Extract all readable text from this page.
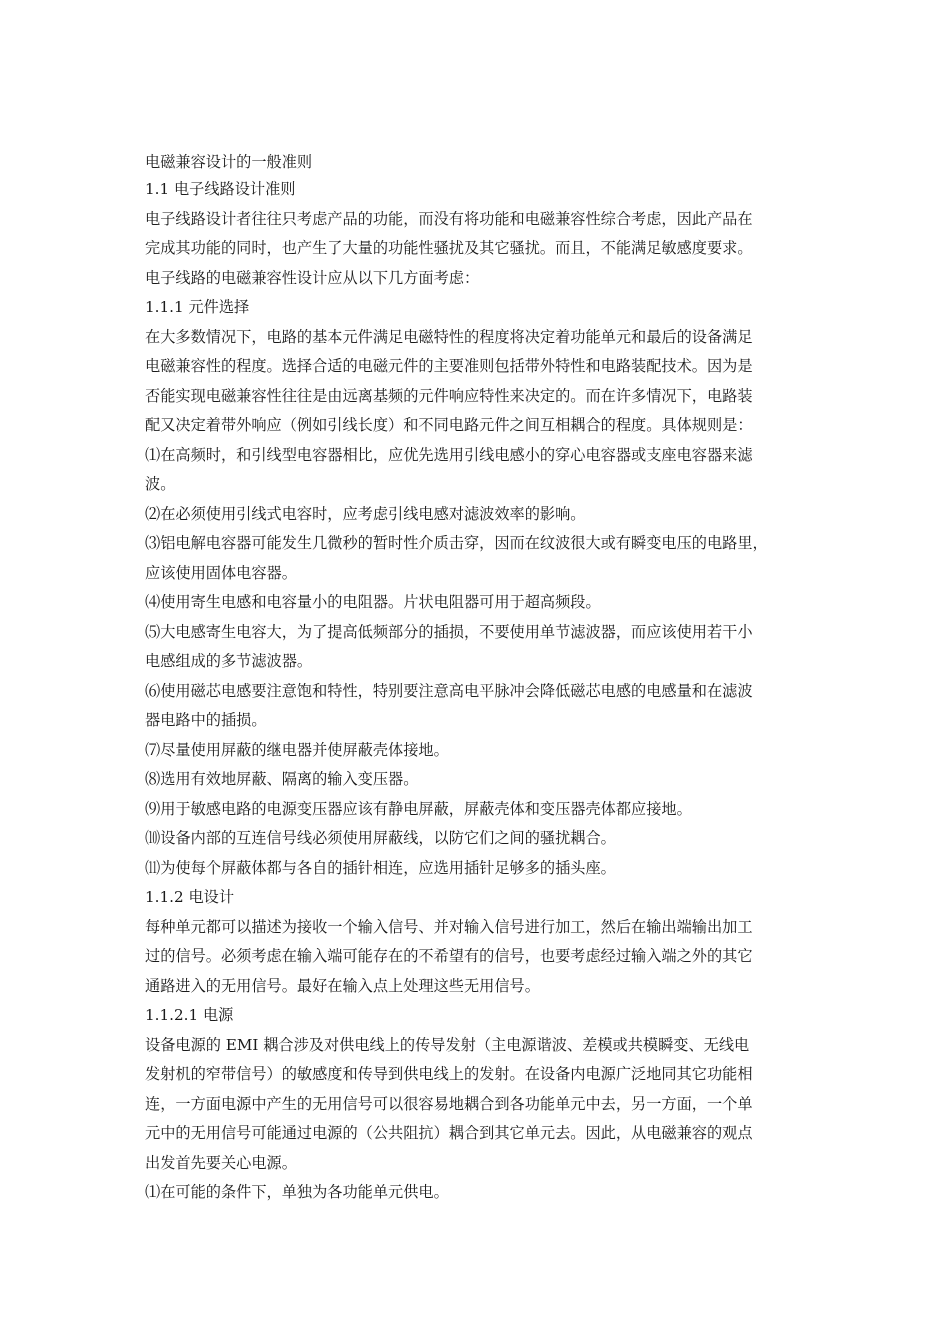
电磁兼容设计的一般准则
1.1 电子线路设计准则
电子线路设计者往往只考虑产品的功能，而没有将功能和电磁兼容性综合考虑，因此产品在
完成其功能的同时，也产生了大量的功能性骚扰及其它骚扰。而且，不能满足敏感度要求。
电子线路的电磁兼容性设计应从以下几方面考虑：
1.1.1 元件选择
在大多数情况下，电路的基本元件满足电磁特性的程度将决定着功能单元和最后的设备满足
电磁兼容性的程度。选择合适的电磁元件的主要准则包括带外特性和电路装配技术。因为是
否能实现电磁兼容性往往是由远离基频的元件响应特性来决定的。而在许多情况下，电路装
配又决定着带外响应（例如引线长度）和不同电路元件之间互相耦合的程度。具体规则是：
⑴在高频时，和引线型电容器相比，应优先选用引线电感小的穿心电容器或支座电容器来滤
波。
⑵在必须使用引线式电容时，应考虑引线电感对滤波效率的影响。
⑶铝电解电容器可能发生几微秒的暂时性介质击穿，因而在纹波很大或有瞬变电压的电路里，
应该使用固体电容器。
⑷使用寄生电感和电容量小的电阻器。片状电阻器可用于超高频段。
⑸大电感寄生电容大，为了提高低频部分的插损，不要使用单节滤波器，而应该使用若干小
电感组成的多节滤波器。
⑹使用磁芯电感要注意饱和特性，特别要注意高电平脉冲会降低磁芯电感的电感量和在滤波
器电路中的插损。
⑺尽量使用屏蔽的继电器并使屏蔽壳体接地。
⑻选用有效地屏蔽、隔离的输入变压器。
⑼用于敏感电路的电源变压器应该有静电屏蔽，屏蔽壳体和变压器壳体都应接地。
⑽设备内部的互连信号线必须使用屏蔽线，以防它们之间的骚扰耦合。
⑾为使每个屏蔽体都与各自的插针相连，应选用插针足够多的插头座。
1.1.2 电设计
每种单元都可以描述为接收一个输入信号、并对输入信号进行加工，然后在输出端输出加工
过的信号。必须考虑在输入端可能存在的不希望有的信号，也要考虑经过输入端之外的其它
通路进入的无用信号。最好在输入点上处理这些无用信号。
1.1.2.1 电源
设备电源的 EMI 耦合涉及对供电线上的传导发射（主电源谐波、差模或共模瞬变、无线电
发射机的窄带信号）的敏感度和传导到供电线上的发射。在设备内电源广泛地同其它功能相
连，一方面电源中产生的无用信号可以很容易地耦合到各功能单元中去，另一方面，一个单
元中的无用信号可能通过电源的（公共阻抗）耦合到其它单元去。因此，从电磁兼容的观点
出发首先要关心电源。
⑴在可能的条件下，单独为各功能单元供电。
